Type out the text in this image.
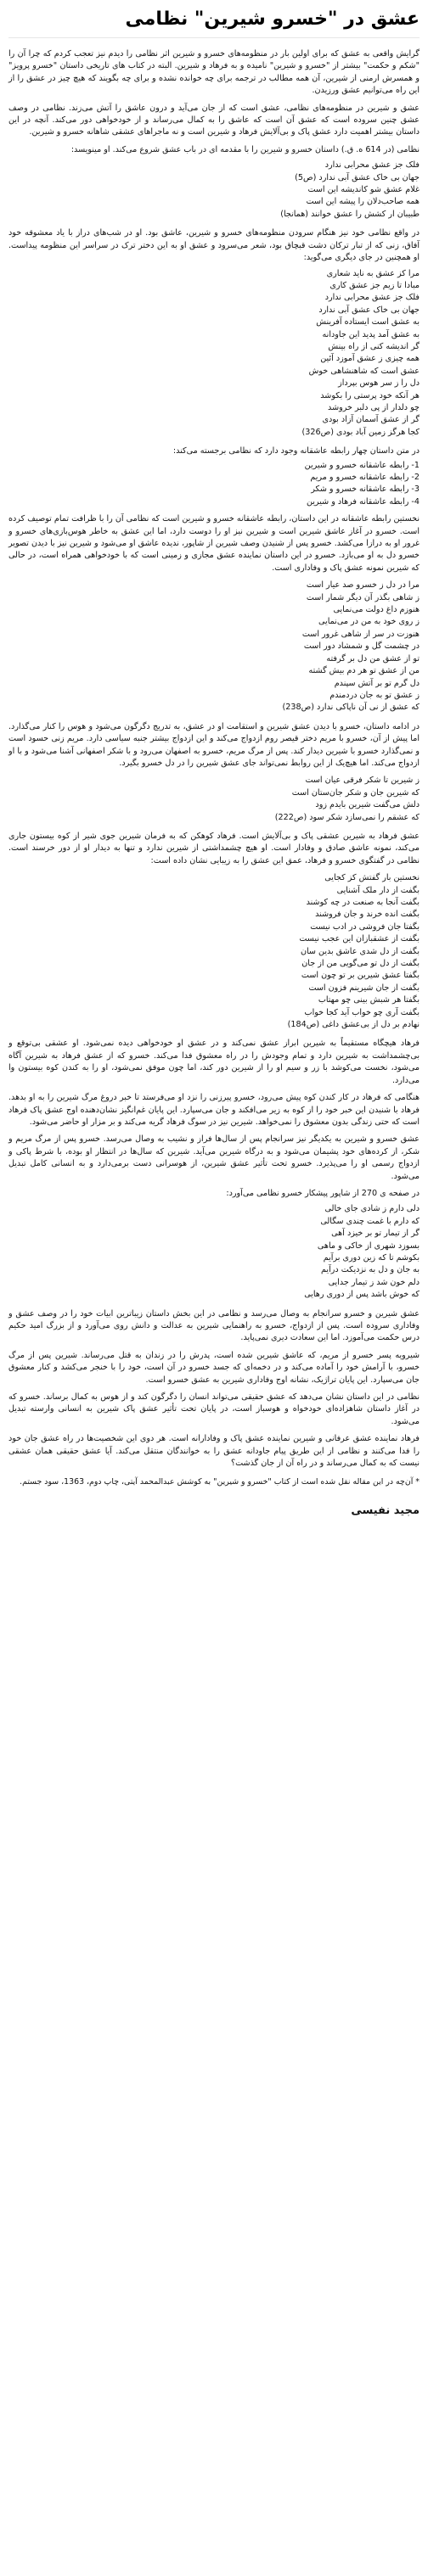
عشق در "خسرو شیرین" نظامی

گرایش واقعی به عشق که برای اولین بار در منظومه‌های خسرو و شیرین اثر نظامی را دیدم نیز تعجب کردم که چرا آن را "شکم و حکمت" بیشتر از "خسرو و شیرین" نامیده و به فرهاد و شیرین. البته در کتاب های تاریخی داستان "خسرو پرویز" و همسرش ارمنی از شیرین، آن همه مطالب در ترجمه برای چه خوانده نشده و برای چه بگویند که هیچ چیز در عشق را از این راه می‌توانیم عشق ورزیدن.

عشق و شیرین در منظومه‌های نظامی، عشق است که از جان می‌آید و درون عاشق را آتش می‌زند. نظامی در وصف عشق چنین سروده است که عشق آن است که عاشق را به کمال می‌رساند و از خودخواهی دور می‌کند. آنچه در این داستان بیشتر اهمیت دارد عشق پاک و بی‌آلایش فرهاد و شیرین است و نه ماجراهای عشقی شاهانه خسرو و شیرین.

نظامی (در 614 ه. ق.) داستان خسرو و شیرین را با مقدمه ای در باب عشق شروع می‌کند. او مینویسد:

فلک جز عشق محرابی ندارد
جهان بی خاک عشق آبی ندارد (ص5)
غلام عشق شو کاندیشه این است
همه صاحب‌دلان را پیشه این است
طبیبان ار کشش را عشق خوانند (همانجا)

در واقع نظامی خود نیز هنگام سرودن منظومه‌های خسرو و شیرین، عاشق بود. او در شب‌های دراز با یاد معشوقه خود آفاق، زنی که از تبار ترکان دشت قبچاق بود، شعر می‌سرود و عشق او به این دختر ترک در سراسر این منظومه پیداست. او همچنین در جای دیگری می‌گوید:

مرا کز عشق به ناید شعاری
مبادا تا زیم جز عشق کاری
فلک جز عشق محرابی ندارد
جهان بی خاک عشق آبی ندارد
به عشق است ایستاده آفرینش
به عشق آمد پدید این جاودانه
گر اندیشه کنی از راه بینش
همه چیزی ز عشق آموزد آئین
عشق است که شاهنشاهی خوش
دل را ز سر هوس بپرداز
هر آنکه خود پرستی را بکوشد
چو دلدار از پی دلبر خروشد
گر از عشق آسمان آزاد بودی
کجا هرگز زمین آباد بودی (ص326)

در متن داستان چهار رابطه عاشقانه وجود دارد که نظامی برجسته می‌کند:

1- رابطه عاشقانه خسرو و شیرین
2- رابطه عاشقانه خسرو و مریم
3- رابطه عاشقانه خسرو و شکر
4- رابطه عاشقانه فرهاد و شیرین

نخستین رابطه عاشقانه در این داستان، رابطه عاشقانه خسرو و شیرین است که نظامی آن را با ظرافت تمام توصیف کرده است. خسرو در آغاز عاشق شیرین است و شیرین نیز او را دوست دارد، اما این عشق به خاطر هوس‌بازی‌های خسرو و غرور او به درازا می‌کشد. خسرو پس از شنیدن وصف شیرین از شاپور، ندیده عاشق او می‌شود و شیرین نیز با دیدن تصویر خسرو دل به او می‌بازد. خسرو در این داستان نماینده عشق مجازی و زمینی است که با خودخواهی همراه است، در حالی که شیرین نمونه عشق پاک و وفاداری است.

مرا در دل ز خسرو صد عیار است
ز شاهی بگذر آن دیگر شمار است
هنوزم داغ دولت می‌نمایی
ز روی خود به من در می‌نمایی
هنوزت در سر از شاهی غرور است
در چشمت گل و شمشاد دور است
تو از عشق من دل بر گرفته
من از عشق تو هر دم بیش گشته
دل گرم تو بر آتش سپندم
ز عشق تو به جان دردمندم
که عشق از نی آن ناپاکی ندارد (ص238)

در ادامه داستان، خسرو با دیدن عشق شیرین و استقامت او در عشق، به تدریج دگرگون می‌شود و هوس را کنار می‌گذارد. اما پیش از آن، خسرو با مریم دختر قیصر روم ازدواج می‌کند و این ازدواج بیشتر جنبه سیاسی دارد. مریم زنی حسود است و نمی‌گذارد خسرو با شیرین دیدار کند. پس از مرگ مریم، خسرو به اصفهان می‌رود و با شکر اصفهانی آشنا می‌شود و با او ازدواج می‌کند. اما هیچ‌یک از این روابط نمی‌تواند جای عشق شیرین را در دل خسرو بگیرد.

ز شیرین تا شکر فرقی عیان است
که شیرین جان و شکر جان‌ستان است
دلش می‌گفت شیرین بایدم زود
که عشقم را نمی‌سازد شکر سود (ص222)

عشق فرهاد به شیرین عشقی پاک و بی‌آلایش است. فرهاد کوهکن که به فرمان شیرین جوی شیر از کوه بیستون جاری می‌کند، نمونه عاشق صادق و وفادار است. او هیچ چشمداشتی از شیرین ندارد و تنها به دیدار او از دور خرسند است. نظامی در گفتگوی خسرو و فرهاد، عمق این عشق را به زیبایی نشان داده است:

نخستین بار گفتش کز کجایی
بگفت از دار ملک آشنایی
بگفت آنجا به صنعت در چه کوشند
بگفت انده خرند و جان فروشند
بگفتا جان فروشی در ادب نیست
بگفت از عشقبازان این عجب نیست
بگفت از دل شدی عاشق بدین سان
بگفت از دل تو می‌گویی من از جان
بگفتا عشق شیرین بر تو چون است
بگفت از جان شیرینم فزون است
بگفتا هر شبش بینی چو مهتاب
بگفت آری چو خواب آید کجا خواب
نهادم بر دل از بی‌عشق داغی (ص184)

فرهاد هیچگاه مستقیماً به شیرین ابراز عشق نمی‌کند و در عشق او خودخواهی دیده نمی‌شود. او عشقی بی‌توقع و بی‌چشمداشت به شیرین دارد و تمام وجودش را در راه معشوق فدا می‌کند. خسرو که از عشق فرهاد به شیرین آگاه می‌شود، نخست می‌کوشد با زر و سیم او را از شیرین دور کند، اما چون موفق نمی‌شود، او را به کندن کوه بیستون وا می‌دارد.

هنگامی که فرهاد در کار کندن کوه پیش می‌رود، خسرو پیرزنی را نزد او می‌فرستد تا خبر دروغ مرگ شیرین را به او بدهد. فرهاد با شنیدن این خبر خود را از کوه به زیر می‌افکند و جان می‌سپارد. این پایان غم‌انگیز نشان‌دهنده اوج عشق پاک فرهاد است که حتی زندگی بدون معشوق را نمی‌خواهد. شیرین نیز در سوگ فرهاد گریه می‌کند و بر مزار او حاضر می‌شود.

عشق خسرو و شیرین به یکدیگر نیز سرانجام پس از سال‌ها فراز و نشیب به وصال می‌رسد. خسرو پس از مرگ مریم و شکر، از کرده‌های خود پشیمان می‌شود و به درگاه شیرین می‌آید. شیرین که سال‌ها در انتظار او بوده، با شرط پاکی و ازدواج رسمی او را می‌پذیرد. خسرو تحت تأثیر عشق شیرین، از هوسرانی دست برمی‌دارد و به انسانی کامل تبدیل می‌شود.

در صفحه ی 270 از شاپور پیشکار خسرو نظامی می‌آورد:

دلی دارم ز شادی جای خالی
که دارم با غمت چندی سگالی
گر از تیمار تو بر خیزد آهی
بسوزد شهری از خاکی و ماهی
بکوشم تا که زین دوری برآیم
به جان و دل به نزدیکت درآیم
دلم خون شد ز تیمار جدایی
که خوش باشد پس از دوری رهایی

عشق شیرین و خسرو سرانجام به وصال می‌رسد و نظامی در این بخش داستان زیباترین ابیات خود را در وصف عشق و وفاداری سروده است. پس از ازدواج، خسرو به راهنمایی شیرین به عدالت و دانش روی می‌آورد و از بزرگ امید حکیم درس حکمت می‌آموزد. اما این سعادت دیری نمی‌پاید.

شیرویه پسر خسرو از مریم، که عاشق شیرین شده است، پدرش را در زندان به قتل می‌رساند. شیرین پس از مرگ خسرو، با آرامش خود را آماده می‌کند و در دخمه‌ای که جسد خسرو در آن است، خود را با خنجر می‌کشد و کنار معشوق جان می‌سپارد. این پایان تراژیک، نشانه اوج وفاداری شیرین به عشق خسرو است.

نظامی در این داستان نشان می‌دهد که عشق حقیقی می‌تواند انسان را دگرگون کند و از هوس به کمال برساند. خسرو که در آغاز داستان شاهزاده‌ای خودخواه و هوسباز است، در پایان تحت تأثیر عشق پاک شیرین به انسانی وارسته تبدیل می‌شود.

فرهاد نماینده عشق عرفانی و شیرین نماینده عشق پاک و وفادارانه است. هر دوی این شخصیت‌ها در راه عشق جان خود را فدا می‌کنند و نظامی از این طریق پیام جاودانه عشق را به خوانندگان منتقل می‌کند. آیا عشق حقیقی همان عشقی نیست که به کمال می‌رساند و در راه آن از جان گذشت؟

* آن‌چه در این مقاله نقل شده است از کتاب "خسرو و شیرین" به کوشش عبدالمحمد آیتی، چاپ دوم، 1363، سود جستم.

مجید نفیسی
